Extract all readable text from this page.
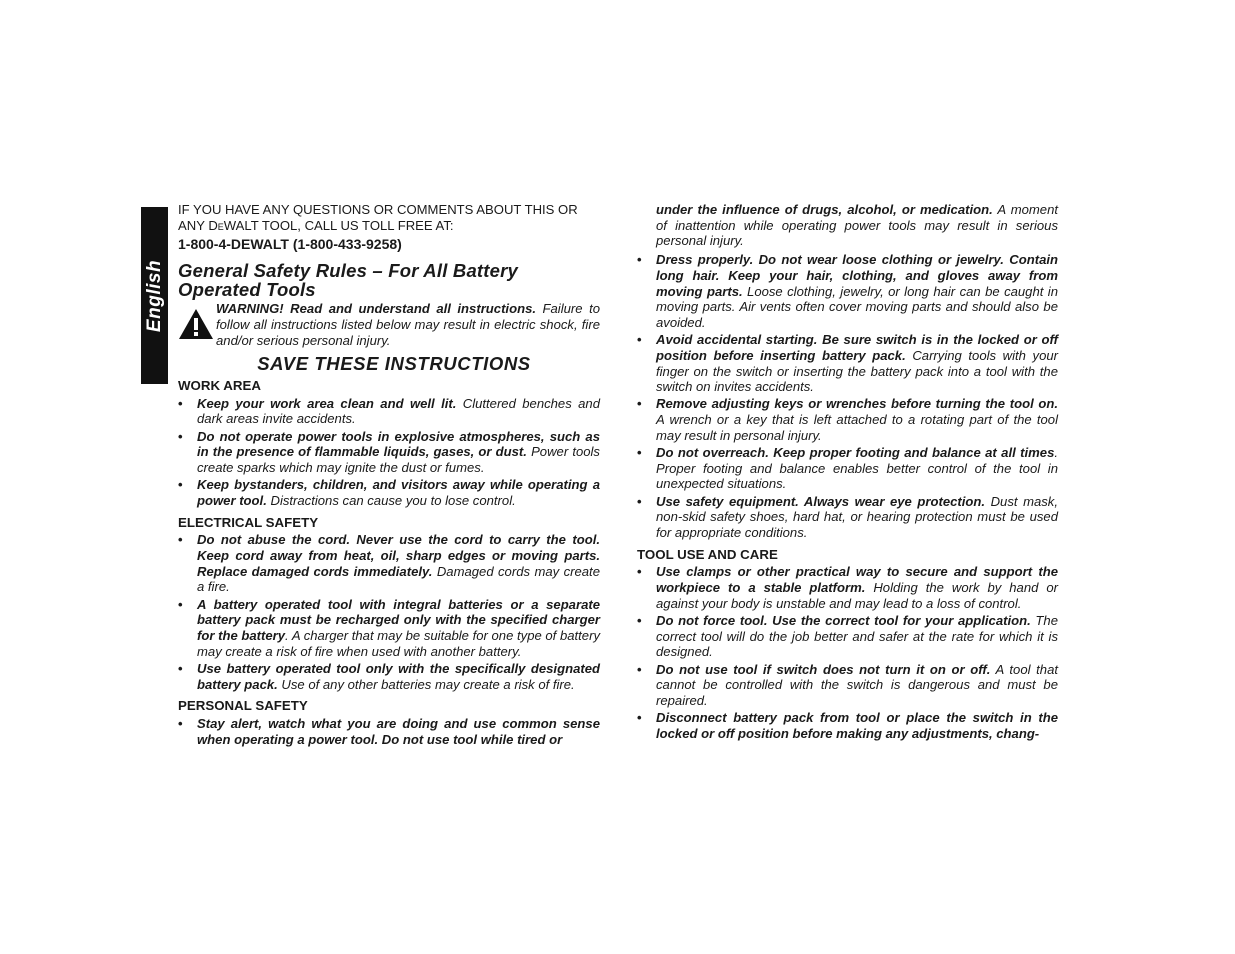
English

IF YOU HAVE ANY QUESTIONS OR COMMENTS ABOUT THIS OR

ANY DEWALT TOOL, CALL US TOLL FREE AT:

1-800-4-DEWALT (1-800-433-9258)

General Safety Rules – For All Battery Operated Tools

WARNING! Read and understand all instructions. Failure to follow all instructions listed below may result in electric shock, fire and/or serious personal injury.

SAVE THESE INSTRUCTIONS

WORK AREA

•	Keep your work area clean and well lit. Cluttered benches and dark areas invite accidents.

•	Do not operate power tools in explosive atmospheres, such as in the presence of flammable liquids, gases, or dust. Power tools create sparks which may ignite the dust or fumes.

•	Keep bystanders, children, and visitors away while operating a power tool. Distractions can cause you to lose control.

ELECTRICAL SAFETY

•	Do not abuse the cord. Never use the cord to carry the tool. Keep cord away from heat, oil, sharp edges or moving parts. Replace damaged cords immediately. Damaged cords may create a fire.

•	A battery operated tool with integral batteries or a separate battery pack must be recharged only with the specified charger for the battery. A charger that may be suitable for one type of battery may create a risk of fire when used with another battery.

•	Use battery operated tool only with the specifically designated battery pack. Use of any other batteries may create a risk of fire.

PERSONAL SAFETY

•	Stay alert, watch what you are doing and use common sense when operating a power tool. Do not use tool while tired or

under the influence of drugs, alcohol, or medication. A moment of inattention while operating power tools may result in serious personal injury.

•	Dress properly. Do not wear loose clothing or jewelry. Contain long hair. Keep your hair, clothing, and gloves away from moving parts. Loose clothing, jewelry, or long hair can be caught in moving parts. Air vents often cover moving parts and should also be avoided.

•	Avoid accidental starting. Be sure switch is in the locked or off position before inserting battery pack. Carrying tools with your finger on the switch or inserting the battery pack into a tool with the switch on invites accidents.

•	Remove adjusting keys or wrenches before turning the tool on. A wrench or a key that is left attached to a rotating part of the tool may result in personal injury.

•	Do not overreach. Keep proper footing and balance at all times. Proper footing and balance enables better control of the tool in unexpected situations.

•	Use safety equipment. Always wear eye protection. Dust mask, non-skid safety shoes, hard hat, or hearing protection must be used for appropriate conditions.

TOOL USE AND CARE

•	Use clamps or other practical way to secure and support the workpiece to a stable platform. Holding the work by hand or against your body is unstable and may lead to a loss of control.

•	Do not force tool. Use the correct tool for your application. The correct tool will do the job better and safer at the rate for which it is designed.

•	Do not use tool if switch does not turn it on or off. A tool that cannot be controlled with the switch is dangerous and must be repaired.

•	Disconnect battery pack from tool or place the switch in the locked or off position before making any adjustments, chang-
